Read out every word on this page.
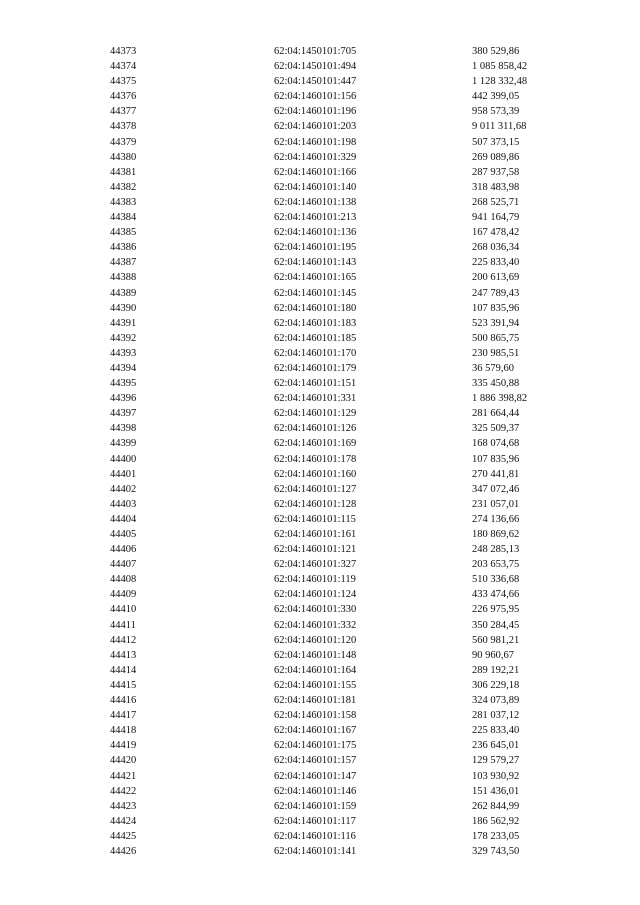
44373	62:04:1450101:705	380 529,86
44374	62:04:1450101:494	1 085 858,42
44375	62:04:1450101:447	1 128 332,48
44376	62:04:1460101:156	442 399,05
44377	62:04:1460101:196	958 573,39
44378	62:04:1460101:203	9 011 311,68
44379	62:04:1460101:198	507 373,15
44380	62:04:1460101:329	269 089,86
44381	62:04:1460101:166	287 937,58
44382	62:04:1460101:140	318 483,98
44383	62:04:1460101:138	268 525,71
44384	62:04:1460101:213	941 164,79
44385	62:04:1460101:136	167 478,42
44386	62:04:1460101:195	268 036,34
44387	62:04:1460101:143	225 833,40
44388	62:04:1460101:165	200 613,69
44389	62:04:1460101:145	247 789,43
44390	62:04:1460101:180	107 835,96
44391	62:04:1460101:183	523 391,94
44392	62:04:1460101:185	500 865,75
44393	62:04:1460101:170	230 985,51
44394	62:04:1460101:179	36 579,60
44395	62:04:1460101:151	335 450,88
44396	62:04:1460101:331	1 886 398,82
44397	62:04:1460101:129	281 664,44
44398	62:04:1460101:126	325 509,37
44399	62:04:1460101:169	168 074,68
44400	62:04:1460101:178	107 835,96
44401	62:04:1460101:160	270 441,81
44402	62:04:1460101:127	347 072,46
44403	62:04:1460101:128	231 057,01
44404	62:04:1460101:115	274 136,66
44405	62:04:1460101:161	180 869,62
44406	62:04:1460101:121	248 285,13
44407	62:04:1460101:327	203 653,75
44408	62:04:1460101:119	510 336,68
44409	62:04:1460101:124	433 474,66
44410	62:04:1460101:330	226 975,95
44411	62:04:1460101:332	350 284,45
44412	62:04:1460101:120	560 981,21
44413	62:04:1460101:148	90 960,67
44414	62:04:1460101:164	289 192,21
44415	62:04:1460101:155	306 229,18
44416	62:04:1460101:181	324 073,89
44417	62:04:1460101:158	281 037,12
44418	62:04:1460101:167	225 833,40
44419	62:04:1460101:175	236 645,01
44420	62:04:1460101:157	129 579,27
44421	62:04:1460101:147	103 930,92
44422	62:04:1460101:146	151 436,01
44423	62:04:1460101:159	262 844,99
44424	62:04:1460101:117	186 562,92
44425	62:04:1460101:116	178 233,05
44426	62:04:1460101:141	329 743,50
